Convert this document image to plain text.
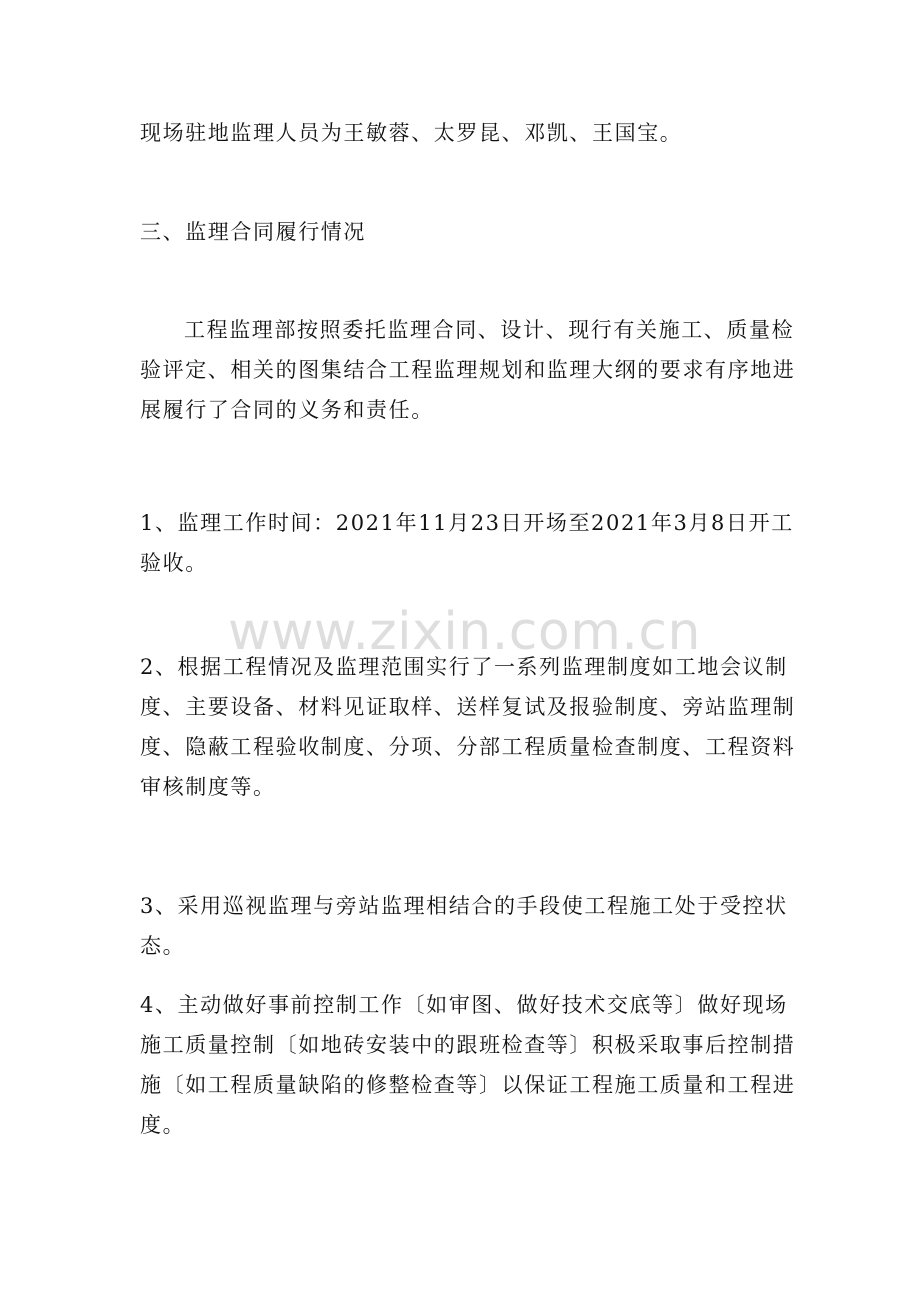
现场驻地监理人员为王敏蓉、太罗昆、邓凯、王国宝。

三、监理合同履行情况

工程监理部按照委托监理合同、设计、现行有关施工、质量检验评定、相关的图集结合工程监理规划和监理大纲的要求有序地进展履行了合同的义务和责任。

1、监理工作时间：2021年11月23日开场至2021年3月8日开工验收。

2、根据工程情况及监理范围实行了一系列监理制度如工地会议制度、主要设备、材料见证取样、送样复试及报验制度、旁站监理制度、隐蔽工程验收制度、分项、分部工程质量检查制度、工程资料审核制度等。

3、采用巡视监理与旁站监理相结合的手段使工程施工处于受控状态。

4、主动做好事前控制工作〔如审图、做好技术交底等〕做好现场施工质量控制〔如地砖安装中的跟班检查等〕积极采取事后控制措施〔如工程质量缺陷的修整检查等〕以保证工程施工质量和工程进度。

www.zixin.com.cn
